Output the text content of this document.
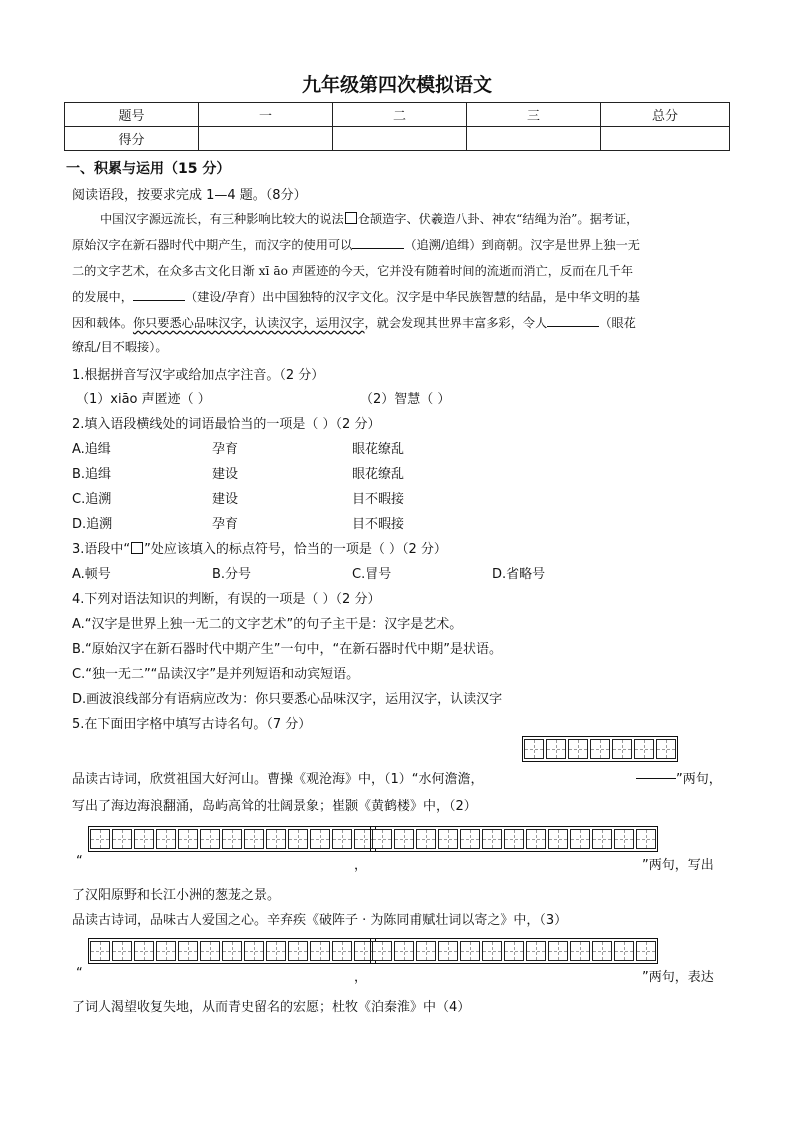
九年级第四次模拟语文
题号	一	二	三	总分
得分				
一、积累与运用（15 分）
阅读语段，按要求完成 1—4 题。（8分）
中国汉字源远流长，有三种影响比较大的说法 仓颉造字、伏羲造八卦、神农“结绳为治”。据考证，
原始汉字在新石器时代中期产生，而汉字的使用可以	（追溯/追缉）到商朝。汉字是世界上独一无
二的文字艺术，在众多古文化日渐 xī āo 声匿迹的今天，它并没有随着时间的流逝而消亡，反而在几千年
的发展中，	（建设/孕育）出中国独特的汉字文化。汉字是中华民族智慧的结晶，是中华文明的基
因和载体。你只要悉心品味汉字，认读汉字，运用汉字，就会发现其世界丰富多彩，令人	（眼花
缭乱/目不暇接）。
1.根据拼音写汉字或给加点字注音。（2 分）
（1）xiāo 声匿迹（ ）	（2）智慧（ ）
2.填入语段横线处的词语最恰当的一项是（ ）（2 分）
A.追缉	孕育	眼花缭乱
B.追缉	建设	眼花缭乱
C.追溯	建设	目不暇接
D.追溯	孕育	目不暇接
3.语段中“ ”处应该填入的标点符号，恰当的一项是（ ）（2 分）
A.顿号	B.分号	C.冒号	D.省略号
4.下列对语法知识的判断，有误的一项是（ ）（2 分）
A.“汉字是世界上独一无二的文字艺术”的句子主干是：汉字是艺术。
B.“原始汉字在新石器时代中期产生”一句中，“在新石器时代中期”是状语。
C.“独一无二”“品读汉字”是并列短语和动宾短语。
D.画波浪线部分有语病应改为：你只要悉心品味汉字，运用汉字，认读汉字
5.在下面田字格中填写古诗名句。（7 分）
品读古诗词，欣赏祖国大好河山。曹操《观沧海》中，（1）“水何澹澹，	”两句，
写出了海边海浪翻涌，岛屿高耸的壮阔景象；崔颢《黄鹤楼》中，（2）
“	，	”两句，写出
了汉阳原野和长江小洲的葱茏之景。
品读古诗词，品味古人爱国之心。辛弃疾《破阵子 · 为陈同甫赋壮词以寄之》中，（3）
“	，	”两句，表达
了词人渴望收复失地，从而青史留名的宏愿；杜牧《泊秦淮》中（4）
